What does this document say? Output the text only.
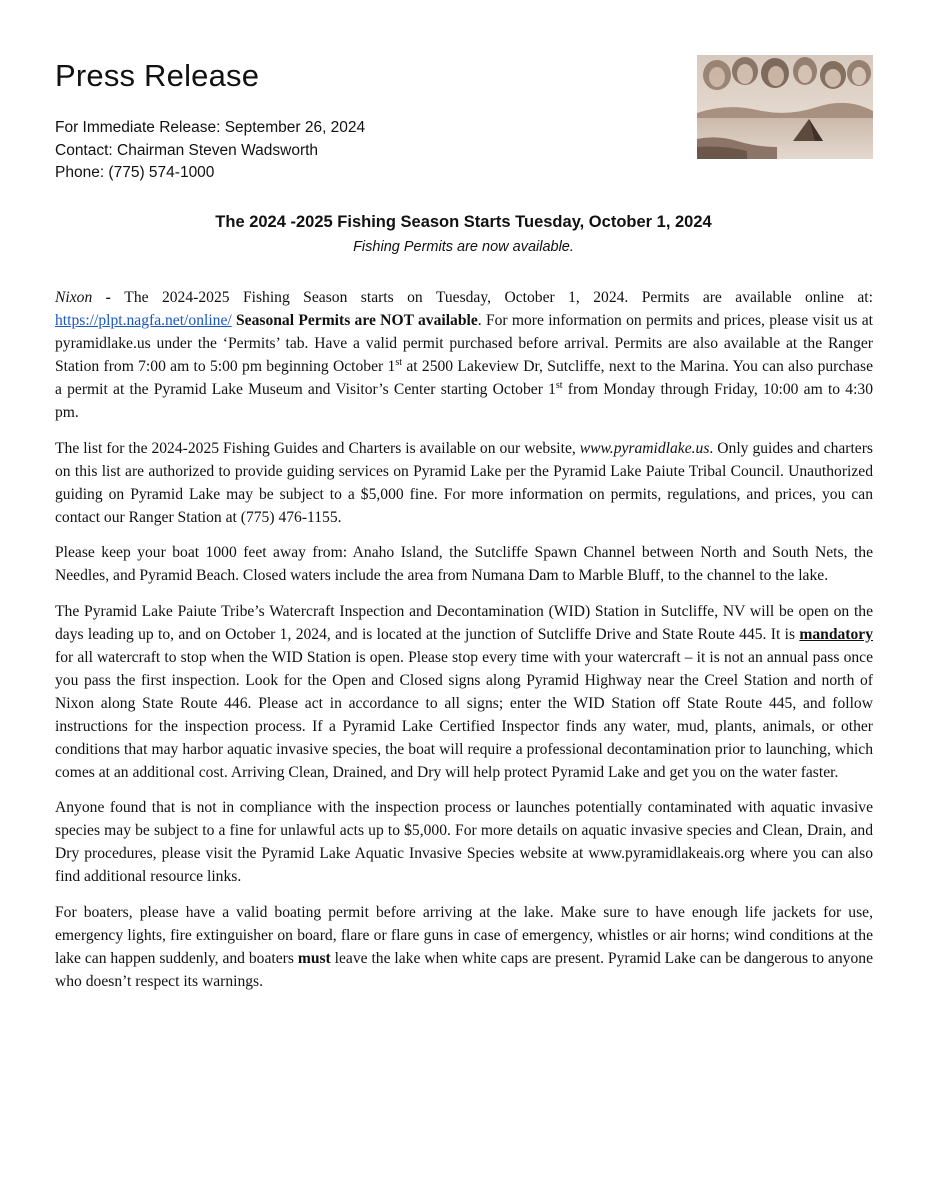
Press Release
For Immediate Release: September 26, 2024
Contact: Chairman Steven Wadsworth
Phone: (775) 574-1000
The 2024 -2025 Fishing Season Starts Tuesday, October 1, 2024
Fishing Permits are now available.

Nixon - The 2024-2025 Fishing Season starts on Tuesday, October 1, 2024. Permits are available online at: https://plpt.nagfa.net/online/ Seasonal Permits are NOT available. For more information on permits and prices, please visit us at pyramidlake.us under the ‘Permits’ tab. Have a valid permit purchased before arrival. Permits are also available at the Ranger Station from 7:00 am to 5:00 pm beginning October 1st at 2500 Lakeview Dr, Sutcliffe, next to the Marina. You can also purchase a permit at the Pyramid Lake Museum and Visitor’s Center starting October 1st from Monday through Friday, 10:00 am to 4:30 pm.

The list for the 2024-2025 Fishing Guides and Charters is available on our website, www.pyramidlake.us. Only guides and charters on this list are authorized to provide guiding services on Pyramid Lake per the Pyramid Lake Paiute Tribal Council. Unauthorized guiding on Pyramid Lake may be subject to a $5,000 fine. For more information on permits, regulations, and prices, you can contact our Ranger Station at (775) 476-1155.

Please keep your boat 1000 feet away from: Anaho Island, the Sutcliffe Spawn Channel between North and South Nets, the Needles, and Pyramid Beach. Closed waters include the area from Numana Dam to Marble Bluff, to the channel to the lake.

The Pyramid Lake Paiute Tribe’s Watercraft Inspection and Decontamination (WID) Station in Sutcliffe, NV will be open on the days leading up to, and on October 1, 2024, and is located at the junction of Sutcliffe Drive and State Route 445. It is mandatory for all watercraft to stop when the WID Station is open. Please stop every time with your watercraft – it is not an annual pass once you pass the first inspection. Look for the Open and Closed signs along Pyramid Highway near the Creel Station and north of Nixon along State Route 446. Please act in accordance to all signs; enter the WID Station off State Route 445, and follow instructions for the inspection process. If a Pyramid Lake Certified Inspector finds any water, mud, plants, animals, or other conditions that may harbor aquatic invasive species, the boat will require a professional decontamination prior to launching, which comes at an additional cost. Arriving Clean, Drained, and Dry will help protect Pyramid Lake and get you on the water faster.

Anyone found that is not in compliance with the inspection process or launches potentially contaminated with aquatic invasive species may be subject to a fine for unlawful acts up to $5,000. For more details on aquatic invasive species and Clean, Drain, and Dry procedures, please visit the Pyramid Lake Aquatic Invasive Species website at www.pyramidlakeais.org where you can also find additional resource links.

For boaters, please have a valid boating permit before arriving at the lake. Make sure to have enough life jackets for use, emergency lights, fire extinguisher on board, flare or flare guns in case of emergency, whistles or air horns; wind conditions at the lake can happen suddenly, and boaters must leave the lake when white caps are present. Pyramid Lake can be dangerous to anyone who doesn’t respect its warnings.
